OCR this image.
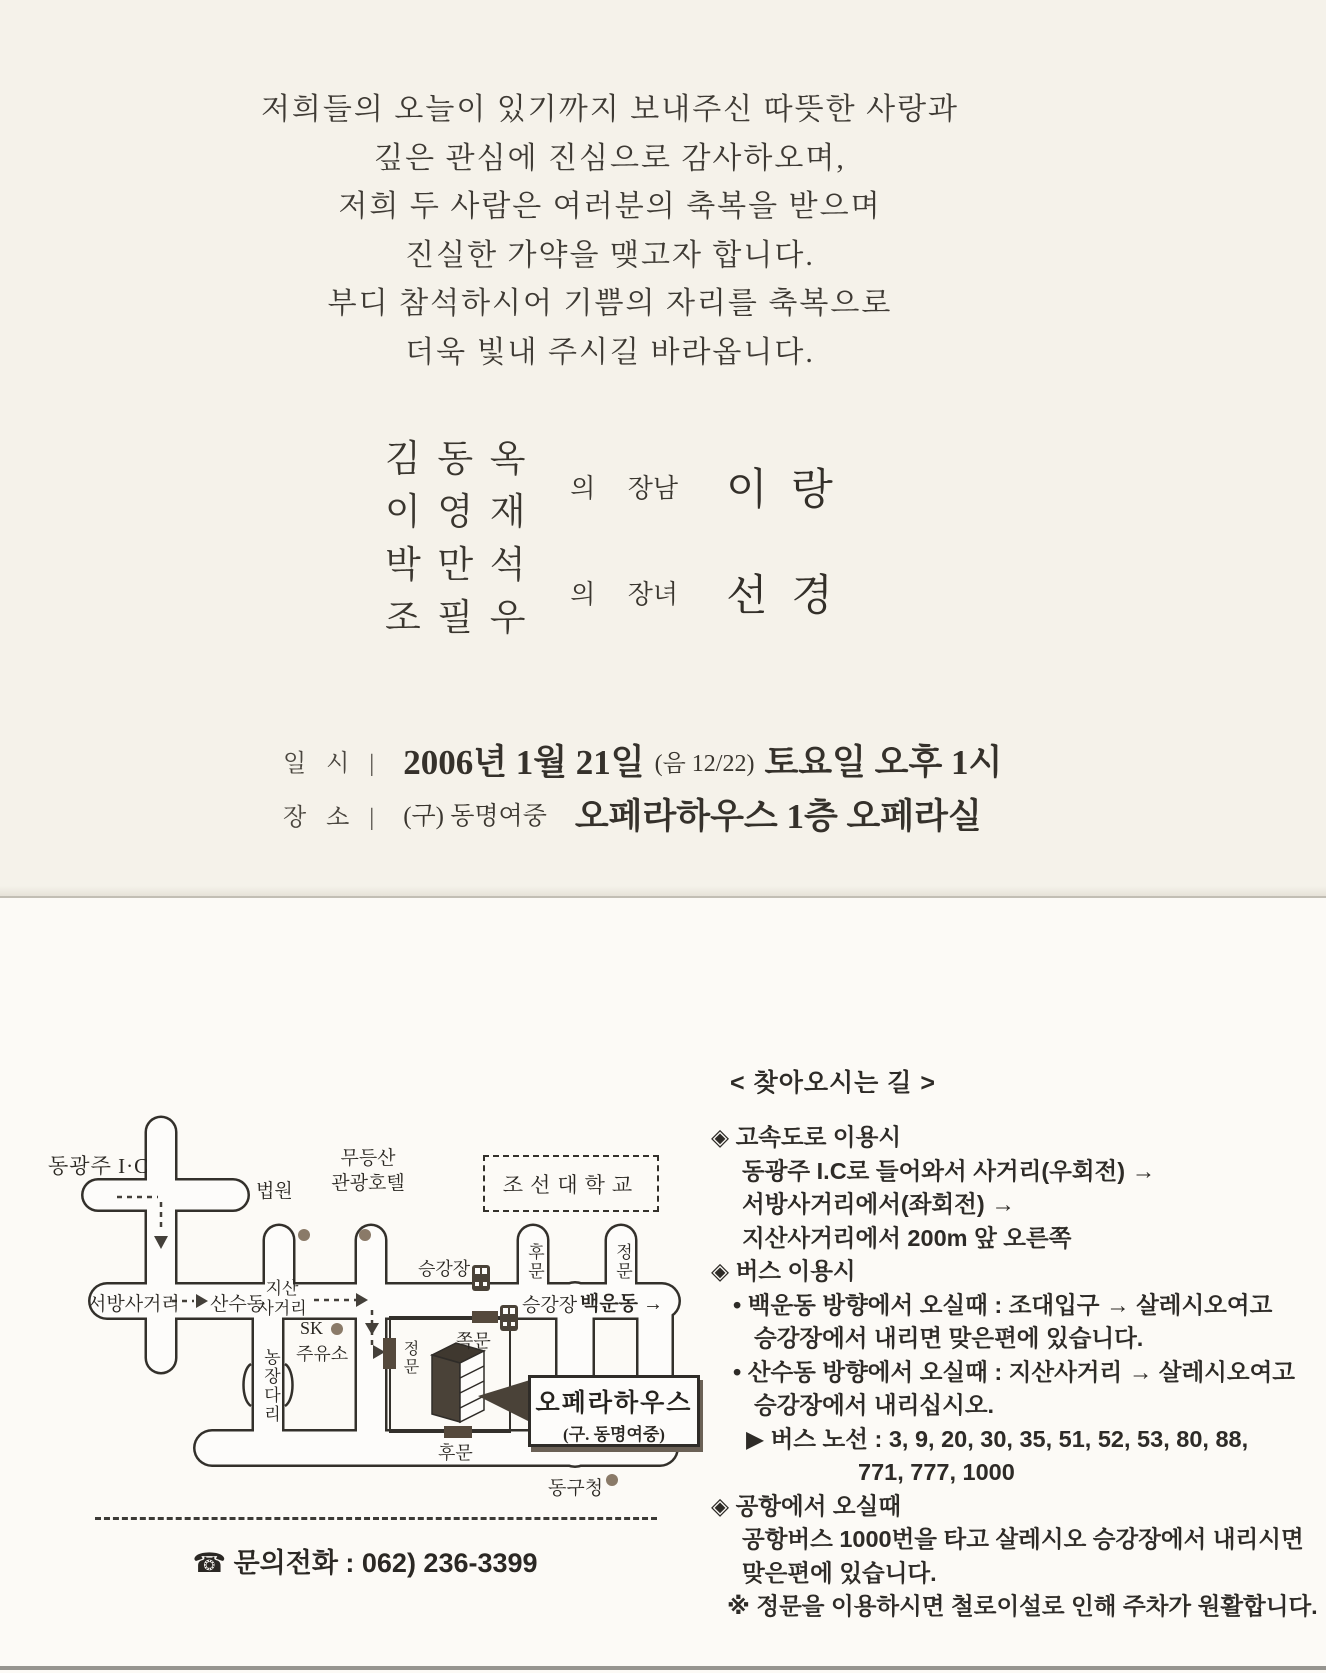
저희들의 오늘이 있기까지 보내주신 따뜻한 사랑과
깊은 관심에 진심으로 감사하오며,
저희 두 사람은 여러분의 축복을 받으며
진실한 가약을 맺고자 합니다.
부디 참석하시어 기쁨의 자리를 축복으로
더욱 빛내 주시길 바라옵니다.
김동옥
이영재
의 장남 이랑
박만석
조필우
의 장녀 선경
일 시 | 2006년 1월 21일 (음 12/22) 토요일 오후 1시
장 소 | (구) 동명여중 오페라하우스 1층 오페라실
동광주 I·C
법원
무등산
관광호텔	조선대학교
승강장
서방사거리 산수동
지산
사거리
SK
주유소
농장다리
후문	정문
승강장 백운동 →
정문 쪽문
후문
오페라하우스
(구. 동명여중)
동구청
< 찾아오시는 길 >
◈ 고속도로 이용시
동광주 I.C로 들어와서 사거리(우회전) →
서방사거리에서(좌회전) →
지산사거리에서 200m 앞 오른쪽
◈ 버스 이용시
• 백운동 방향에서 오실때 : 조대입구 → 살레시오여고
승강장에서 내리면 맞은편에 있습니다.
• 산수동 방향에서 오실때 : 지산사거리 → 살레시오여고
승강장에서 내리십시오.
▶ 버스 노선 : 3, 9, 20, 30, 35, 51, 52, 53, 80, 88,
771, 777, 1000
◈ 공항에서 오실때
공항버스 1000번을 타고 살레시오 승강장에서 내리시면
맞은편에 있습니다.
※ 정문을 이용하시면 철로이설로 인해 주차가 원활합니다.
☎ 문의전화 : 062) 236-3399
